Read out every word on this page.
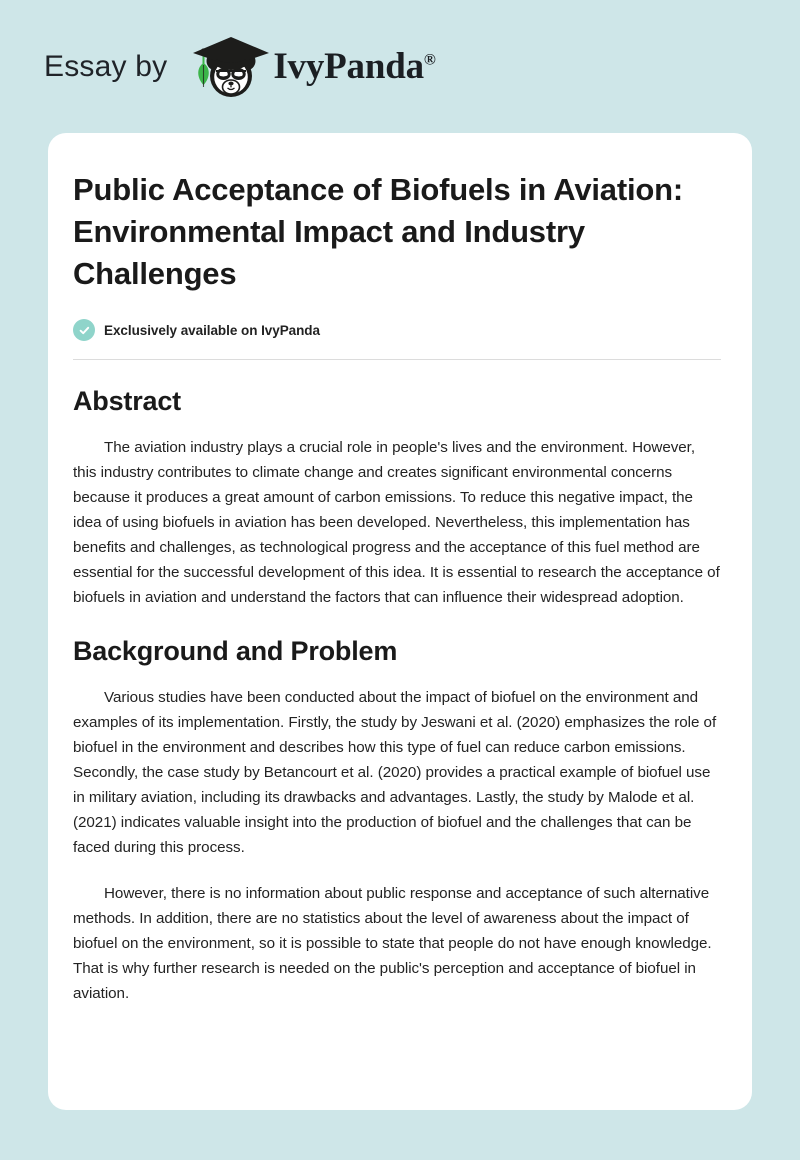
Essay by	IvyPanda®
Public Acceptance of Biofuels in Aviation: Environmental Impact and Industry Challenges
Exclusively available on IvyPanda
Abstract

The aviation industry plays a crucial role in people's lives and the environment. However, this industry contributes to climate change and creates significant environmental concerns because it produces a great amount of carbon emissions. To reduce this negative impact, the idea of using biofuels in aviation has been developed. Nevertheless, this implementation has benefits and challenges, as technological progress and the acceptance of this fuel method are essential for the successful development of this idea. It is essential to research the acceptance of biofuels in aviation and understand the factors that can influence their widespread adoption.

Background and Problem

Various studies have been conducted about the impact of biofuel on the environment and examples of its implementation. Firstly, the study by Jeswani et al. (2020) emphasizes the role of biofuel in the environment and describes how this type of fuel can reduce carbon emissions. Secondly, the case study by Betancourt et al. (2020) provides a practical example of biofuel use in military aviation, including its drawbacks and advantages. Lastly, the study by Malode et al. (2021) indicates valuable insight into the production of biofuel and the challenges that can be faced during this process.

However, there is no information about public response and acceptance of such alternative methods. In addition, there are no statistics about the level of awareness about the impact of biofuel on the environment, so it is possible to state that people do not have enough knowledge. That is why further research is needed on the public's perception and acceptance of biofuel in aviation.
